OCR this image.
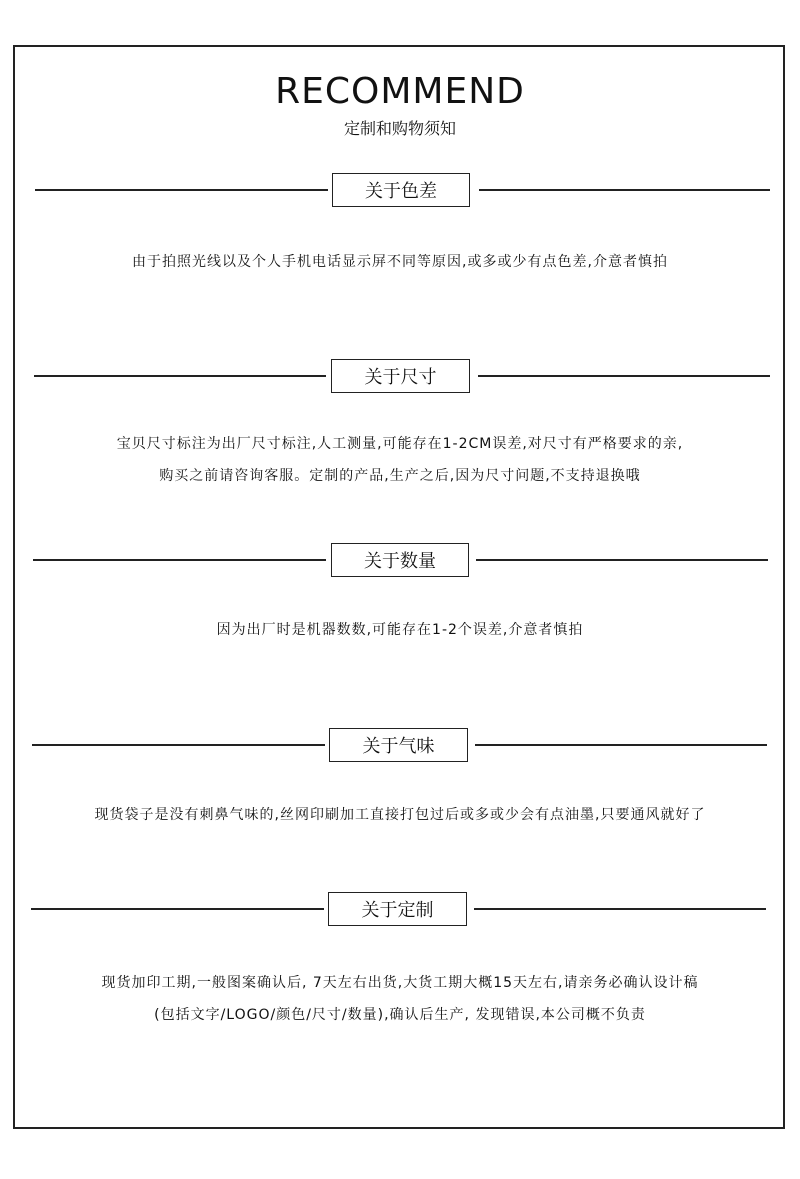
RECOMMEND
定制和购物须知
关于色差
由于拍照光线以及个人手机电话显示屏不同等原因,或多或少有点色差,介意者慎拍
关于尺寸
宝贝尺寸标注为出厂尺寸标注,人工测量,可能存在1-2CM误差,对尺寸有严格要求的亲,
购买之前请咨询客服。定制的产品,生产之后,因为尺寸问题,不支持退换哦
关于数量
因为出厂时是机器数数,可能存在1-2个误差,介意者慎拍
关于气味
现货袋子是没有刺鼻气味的,丝网印刷加工直接打包过后或多或少会有点油墨,只要通风就好了
关于定制
现货加印工期,一般图案确认后, 7天左右出货,大货工期大概15天左右,请亲务必确认设计稿
(包括文字/LOGO/颜色/尺寸/数量),确认后生产, 发现错误,本公司概不负责
